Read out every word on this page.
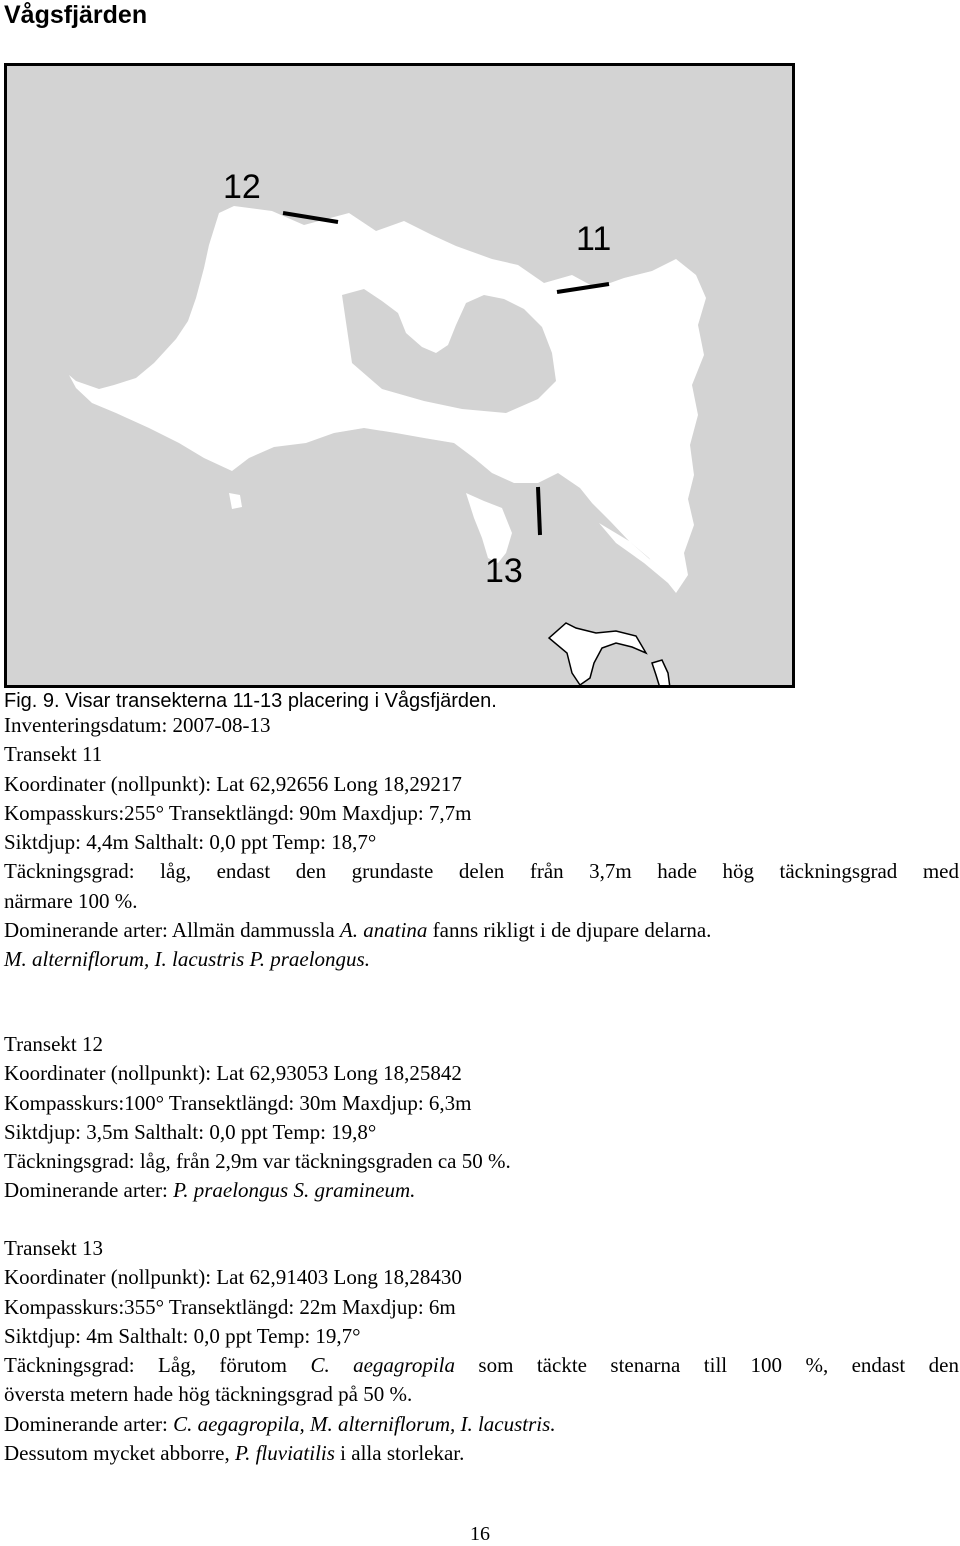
Vågsfjärden
12
11
13
Fig. 9. Visar transekterna 11-13 placering i Vågsfjärden.
Inventeringsdatum: 2007-08-13
Transekt 11
Koordinater (nollpunkt): Lat 62,92656 Long 18,29217
Kompasskurs:255° Transektlängd: 90m Maxdjup: 7,7m
Siktdjup: 4,4m Salthalt: 0,0 ppt Temp: 18,7°
Täckningsgrad: låg, endast den grundaste delen från 3,7m hade hög täckningsgrad med
närmare 100 %.
Dominerande arter: Allmän dammussla A. anatina fanns rikligt i de djupare delarna.
M. alterniflorum, I. lacustris P. praelongus.
Transekt 12
Koordinater (nollpunkt): Lat 62,93053 Long 18,25842
Kompasskurs:100° Transektlängd: 30m Maxdjup: 6,3m
Siktdjup: 3,5m Salthalt: 0,0 ppt Temp: 19,8°
Täckningsgrad: låg, från 2,9m var täckningsgraden ca 50 %.
Dominerande arter: P. praelongus S. gramineum.
Transekt 13
Koordinater (nollpunkt): Lat 62,91403 Long 18,28430
Kompasskurs:355° Transektlängd: 22m Maxdjup: 6m
Siktdjup: 4m Salthalt: 0,0 ppt Temp: 19,7°
Täckningsgrad: Låg, förutom C. aegagropila som täckte stenarna till 100 %, endast den
översta metern hade hög täckningsgrad på 50 %.
Dominerande arter: C. aegagropila, M. alterniflorum, I. lacustris.
Dessutom mycket abborre, P. fluviatilis i alla storlekar.
16
